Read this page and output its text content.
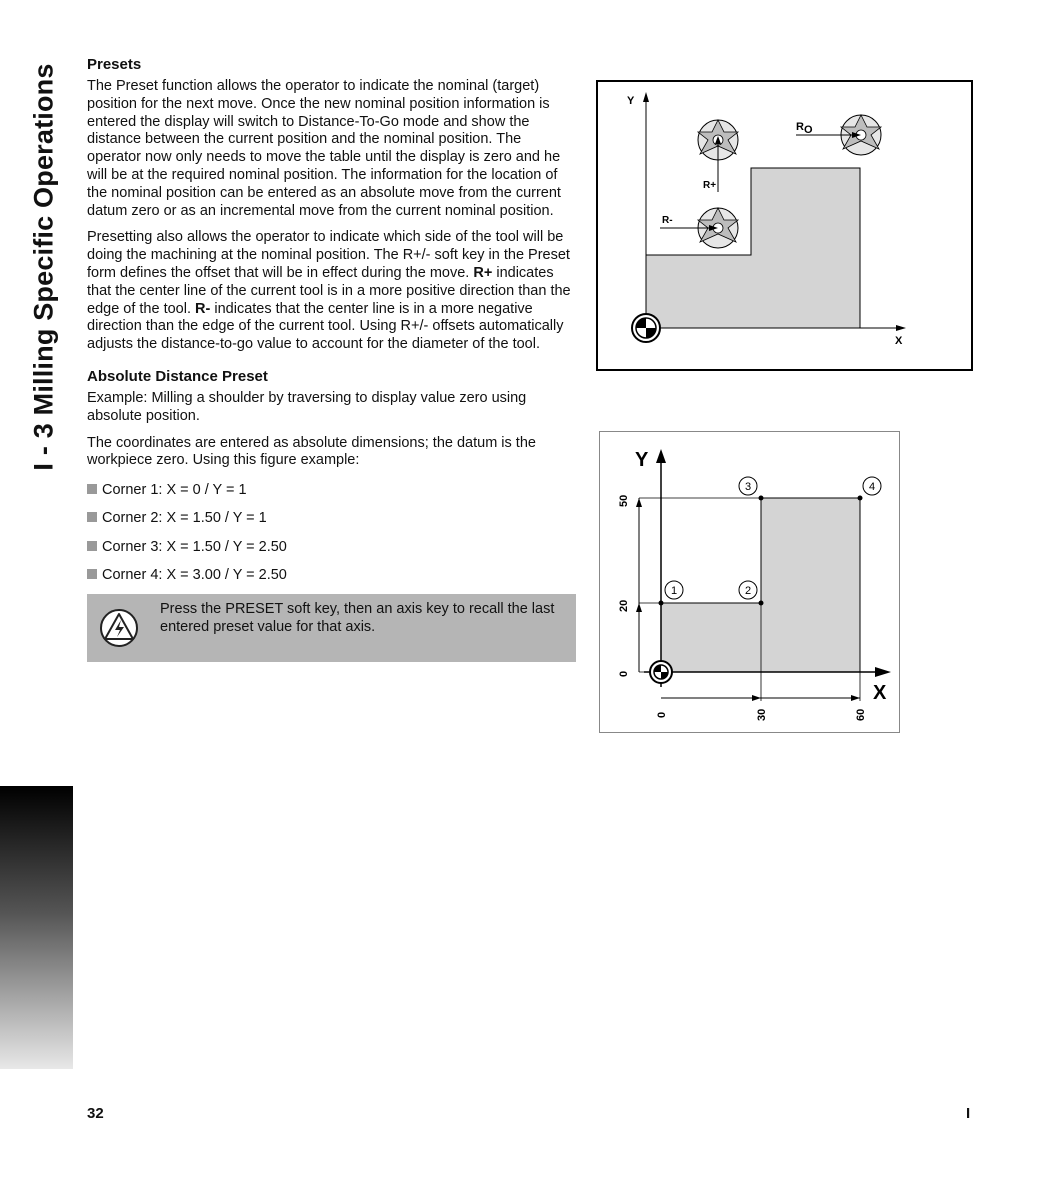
I - 3 Milling Specific Operations Presets

The Preset function allows the operator to indicate the nominal (target) position for the next move. Once the new nominal position information is entered the display will switch to Distance-To-Go mode and show the distance between the current position and the nominal position. The operator now only needs to move the table until the display is zero and he will be at the required nominal position. The information for the location of the nominal position can be entered as an absolute move from the current datum zero or as an incremental move from the current nominal position.

Presetting also allows the operator to indicate which side of the tool will be doing the machining at the nominal position. The R+/- soft key in the Preset form defines the offset that will be in effect during the move. R+ indicates that the center line of the current tool is in a more positive direction than the edge of the tool. R- indicates that the center line is in a more negative direction than the edge of the current tool. Using R+/- offsets automatically adjusts the distance-to-go value to account for the diameter of the tool.

Absolute Distance Preset

Example: Milling a shoulder by traversing to display value zero using absolute position.

The coordinates are entered as absolute dimensions; the datum is the workpiece zero. Using this figure example:

Corner 1: X = 0 / Y = 1
Corner 2: X = 1.50 / Y = 1
Corner 3: X = 1.50 / Y = 2.50
Corner 4: X = 3.00 / Y = 2.50

Press the PRESET soft key, then an axis key to recall the last entered preset value for that axis.

Y
X
R+
R-
RO
Y
X
0	30	60
0
20
50
1	2
3	4
32	I
